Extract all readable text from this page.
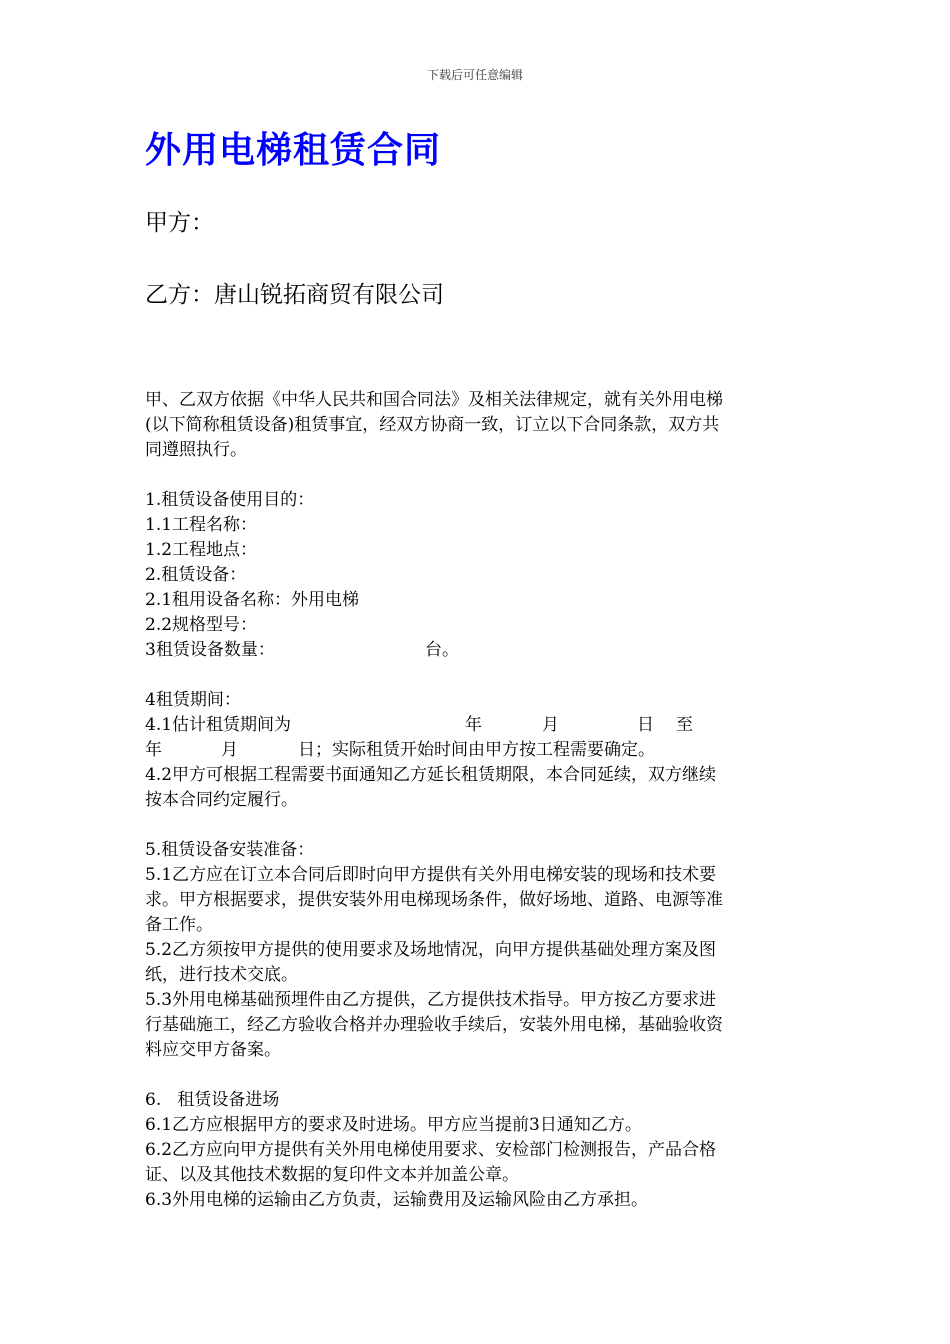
下载后可任意编辑
外用电梯租赁合同

甲方：

乙方：唐山锐拓商贸有限公司

甲、乙双方依据《中华人民共和国合同法》及相关法律规定，就有关外用电梯
(以下简称租赁设备)租赁事宜，经双方协商一致，订立以下合同条款，双方共
同遵照执行。
1.租赁设备使用目的：
1.1工程名称：
1.2工程地点：
2.租赁设备：
2.1租用设备名称：外用电梯
2.2规格型号：

3租赁设备数量：

	台。

4租赁期间：

4.1估计租赁期间为

	年

	月

	日

至

年

	月

	日；实际租赁开始时间由甲方按工程需要确定。

4.2甲方可根据工程需要书面通知乙方延长租赁期限，本合同延续，双方继续
按本合同约定履行。
5.租赁设备安装准备：
5.1乙方应在订立本合同后即时向甲方提供有关外用电梯安装的现场和技术要
求。甲方根据要求，提供安装外用电梯现场条件，做好场地、道路、电源等准
备工作。
5.2乙方须按甲方提供的使用要求及场地情况，向甲方提供基础处理方案及图
纸，进行技术交底。
5.3外用电梯基础预埋件由乙方提供，乙方提供技术指导。甲方按乙方要求进
行基础施工，经乙方验收合格并办理验收手续后，安装外用电梯，基础验收资
料应交甲方备案。
6.   租赁设备进场
6.1乙方应根据甲方的要求及时进场。甲方应当提前3日通知乙方。
6.2乙方应向甲方提供有关外用电梯使用要求、安检部门检测报告，产品合格
证、以及其他技术数据的复印件文本并加盖公章。
6.3外用电梯的运输由乙方负责，运输费用及运输风险由乙方承担。
